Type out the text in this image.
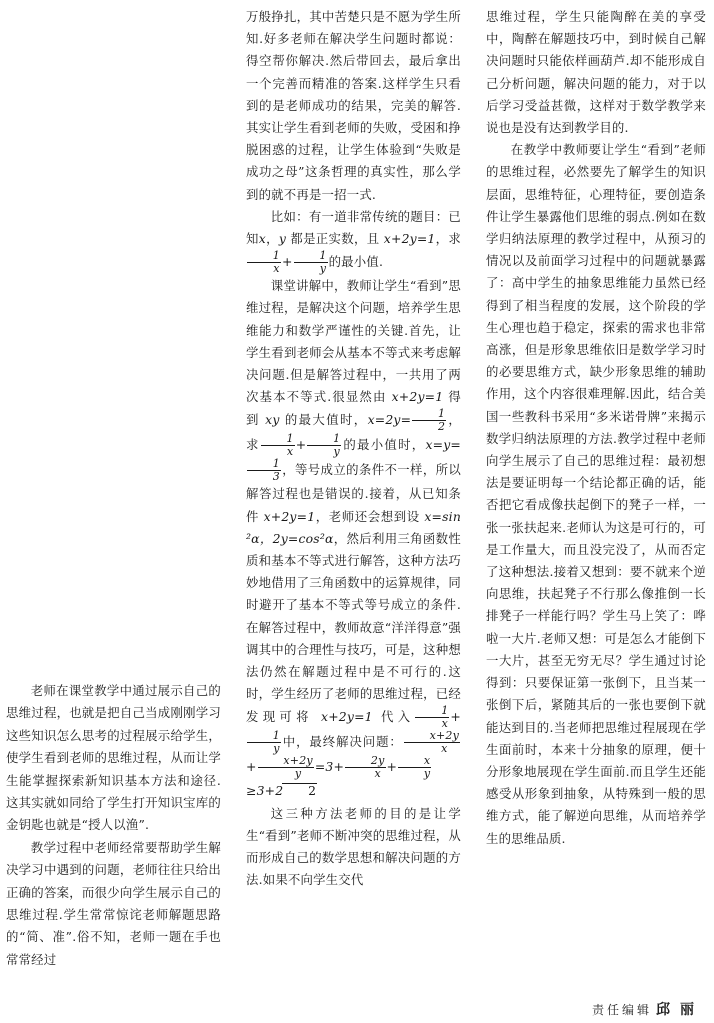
老师在课堂教学中通过展示自己的思维过程，也就是把自己当成刚刚学习这些知识怎么思考的过程展示给学生，使学生看到老师的思维过程，从而让学生能掌握探索新知识基本方法和途径.这其实就如同给了学生打开知识宝库的金钥匙也就是“授人以渔”.

教学过程中老师经常要帮助学生解决学习中遇到的问题，老师往往只给出正确的答案，而很少向学生展示自己的思维过程.学生常常惊诧老师解题思路的“简、准”.俗不知，老师一题在手也常常经过

万般挣扎，其中苦楚只是不愿为学生所知.好多老师在解决学生问题时都说：得空帮你解决.然后带回去，最后拿出一个完善而精准的答案.这样学生只看到的是老师成功的结果，完美的解答.其实让学生看到老师的失败，受困和挣脱困惑的过程，让学生体验到“失败是成功之母”这条哲理的真实性，那么学到的就不再是一招一式.

比如：有一道非常传统的题目：已知x，y 都是正实数，且 x+2y=1，求
$\frac{1}{x} + \frac{1}{y}$ 的最小值.

课堂讲解中，教师让学生“看到”思维过程，是解决这个问题，培养学生思维能力和数学严谨性的关键.首先，让学生看到老师会从基本不等式来考虑解决问题.但是解答过程中，一共用了两次基本不等式.很显然由 x+2y=1 得到 xy 的最大值时，$x=2y= \frac{1}{2}$ ，求 $\frac{1}{x} + \frac{1}{y}$ 的最小值时，x=y=
$\frac{1}{3}$ ，等号成立的条件不一样，所以解答过程也是错误的.接着，从已知条件 x+2y=1，老师还会想到设 x=sin²α，2y=cos²α，然后利用三角函数性质和基本不等式进行解答，这种方法巧妙地借用了三角函数中的运算规律，同时避开了基本不等式等号成立的条件.在解答过程中，教师故意“洋洋得意”强调其中的合理性与技巧，可是，这种想法仍然在解题过程中是不可行的.这时，学生经历了老师的思维过程，已经发现可将 x+2y=1 代入 $\frac{1}{x}$ +
$\frac{1}{y}$ 中，最终解决问题： $\frac{x+2y}{x}$
+ $\frac{x+2y}{y} =3+ \frac{2y}{x} + \frac{x}{y}$

≥3+2 2

这三种方法老师的目的是让学生“看到”老师不断冲突的思维过程，从而形成自己的数学思想和解决问题的方法.如果不向学生交代

思维过程，学生只能陶醉在美的享受中，陶醉在解题技巧中，到时候自己解决问题时只能依样画葫芦.却不能形成自己分析问题，解决问题的能力，对于以后学习受益甚微，这样对于数学教学来说也是没有达到教学目的.

在教学中教师要让学生“看到”老师的思维过程，必然要先了解学生的知识层面，思维特征，心理特征，要创造条件让学生暴露他们思维的弱点.例如在数学归纳法原理的教学过程中，从预习的情况以及前面学习过程中的问题就暴露了：高中学生的抽象思维能力虽然已经得到了相当程度的发展，这个阶段的学生心理也趋于稳定，探索的需求也非常高涨，但是形象思维依旧是数学学习时的必要思维方式，缺少形象思维的辅助作用，这个内容很难理解.因此，结合美国一些教科书采用“多米诺骨牌”来揭示数学归纳法原理的方法.教学过程中老师向学生展示了自己的思维过程：最初想法是要证明每一个结论都正确的话，能否把它看成像扶起倒下的凳子一样，一张一张扶起来.老师认为这是可行的，可是工作量大，而且没完没了，从而否定了这种想法.接着又想到：要不就来个逆向思维，扶起凳子不行那么像推倒一长排凳子一样能行吗？学生马上笑了：哗啦一大片.老师又想：可是怎么才能倒下一大片，甚至无穷无尽？学生通过讨论得到：只要保证第一张倒下，且当某一张倒下后，紧随其后的一张也要倒下就能达到目的.当老师把思维过程展现在学生面前时，本来十分抽象的原理，便十分形象地展现在学生面前.而且学生还能感受从形象到抽象，从特殊到一般的思维方式，能了解逆向思维，从而培养学生的思维品质.

责任编辑 邱丽
